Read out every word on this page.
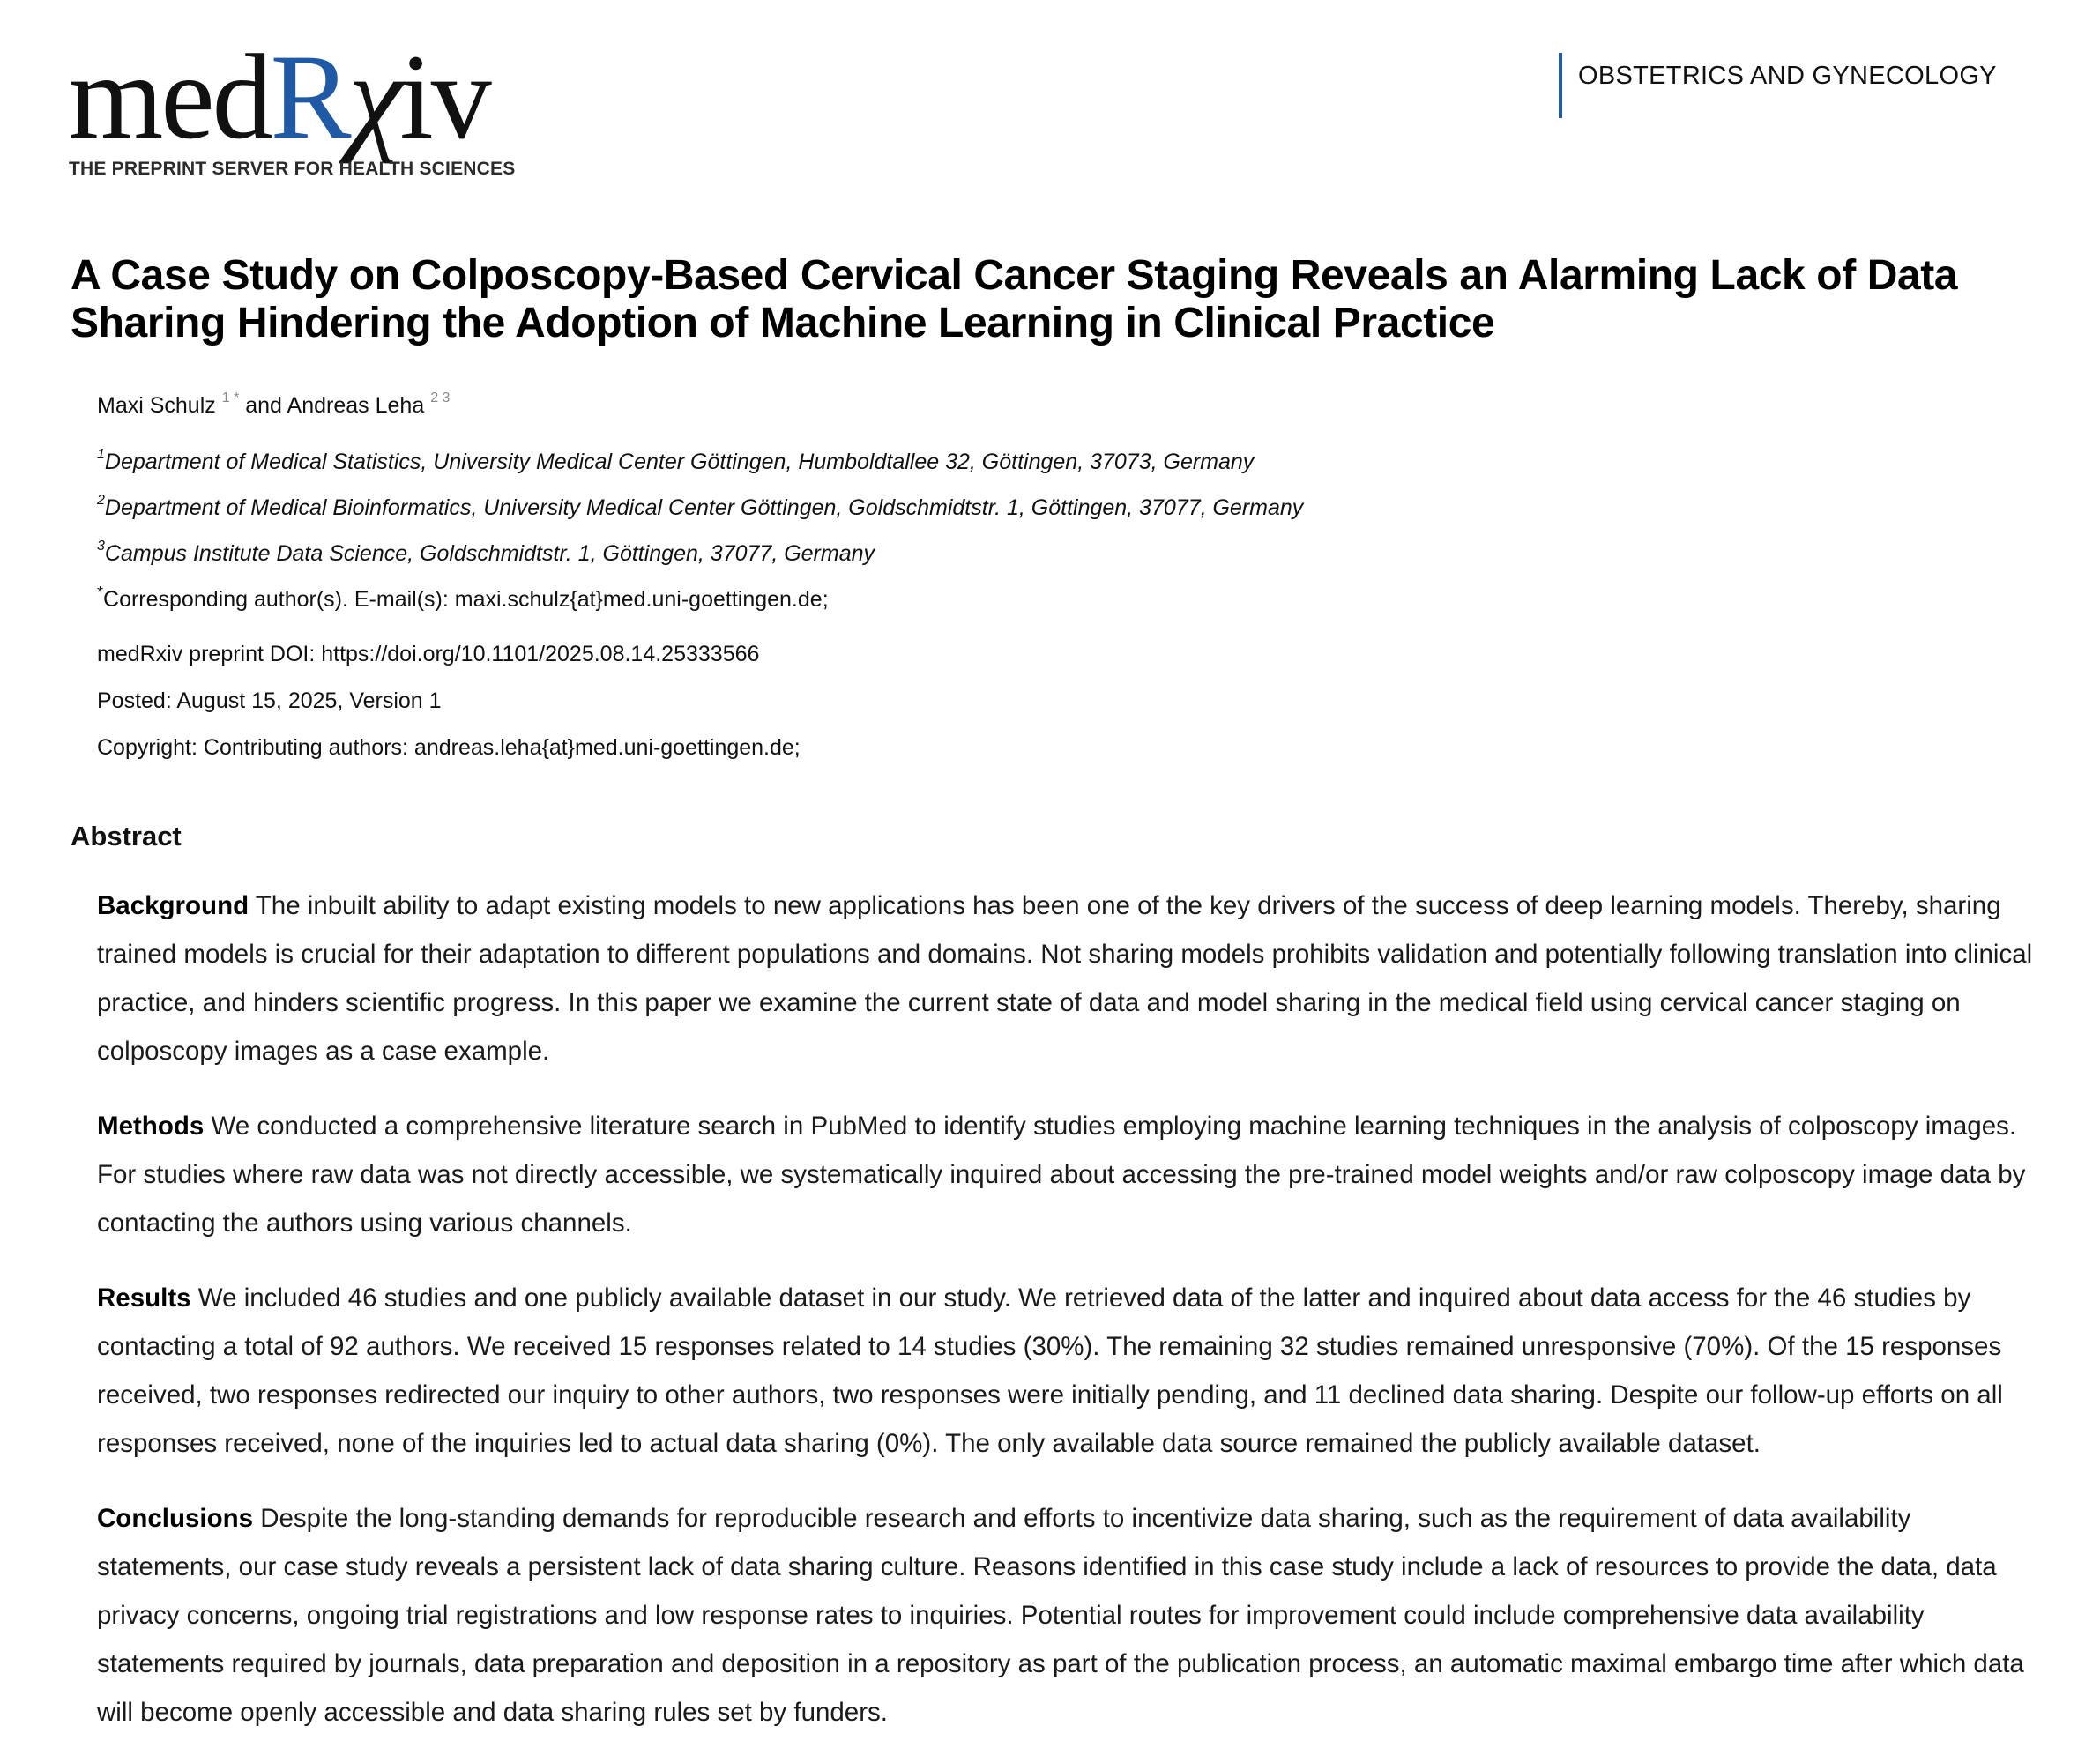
medRχiv
THE PREPRINT SERVER FOR HEALTH SCIENCES
OBSTETRICS AND GYNECOLOGY
A Case Study on Colposcopy-Based Cervical Cancer Staging Reveals an Alarming Lack of Data Sharing Hindering the Adoption of Machine Learning in Clinical Practice
Maxi Schulz $^{1 *}$ and Andreas Leha $^{2 3}$
$^1$Department of Medical Statistics, University Medical Center Göttingen, Humboldtallee 32, Göttingen, 37073, Germany
$^2$Department of Medical Bioinformatics, University Medical Center Göttingen, Goldschmidtstr. 1, Göttingen, 37077, Germany
$^3$Campus Institute Data Science, Goldschmidtstr. 1, Göttingen, 37077, Germany
*Corresponding author(s). E-mail(s): maxi.schulz{at}med.uni-goettingen.de;
medRxiv preprint DOI: https://doi.org/10.1101/2025.08.14.25333566
Posted: August 15, 2025, Version 1
Copyright: Contributing authors: andreas.leha{at}med.uni-goettingen.de;
Abstract

Background The inbuilt ability to adapt existing models to new applications has been one of the key drivers of the success of deep learning models. Thereby, sharing trained models is crucial for their adaptation to different populations and domains. Not sharing models prohibits validation and potentially following translation into clinical practice, and hinders scientific progress. In this paper we examine the current state of data and model sharing in the medical field using cervical cancer staging on colposcopy images as a case example.

Methods We conducted a comprehensive literature search in PubMed to identify studies employing machine learning techniques in the analysis of colposcopy images. For studies where raw data was not directly accessible, we systematically inquired about accessing the pre-trained model weights and/or raw colposcopy image data by contacting the authors using various channels.

Results We included 46 studies and one publicly available dataset in our study. We retrieved data of the latter and inquired about data access for the 46 studies by contacting a total of 92 authors. We received 15 responses related to 14 studies (30%). The remaining 32 studies remained unresponsive (70%). Of the 15 responses received, two responses redirected our inquiry to other authors, two responses were initially pending, and 11 declined data sharing. Despite our follow-up efforts on all responses received, none of the inquiries led to actual data sharing (0%). The only available data source remained the publicly available dataset.

Conclusions Despite the long-standing demands for reproducible research and efforts to incentivize data sharing, such as the requirement of data availability statements, our case study reveals a persistent lack of data sharing culture. Reasons identified in this case study include a lack of resources to provide the data, data privacy concerns, ongoing trial registrations and low response rates to inquiries. Potential routes for improvement could include comprehensive data availability statements required by journals, data preparation and deposition in a repository as part of the publication process, an automatic maximal embargo time after which data will become openly accessible and data sharing rules set by funders.
